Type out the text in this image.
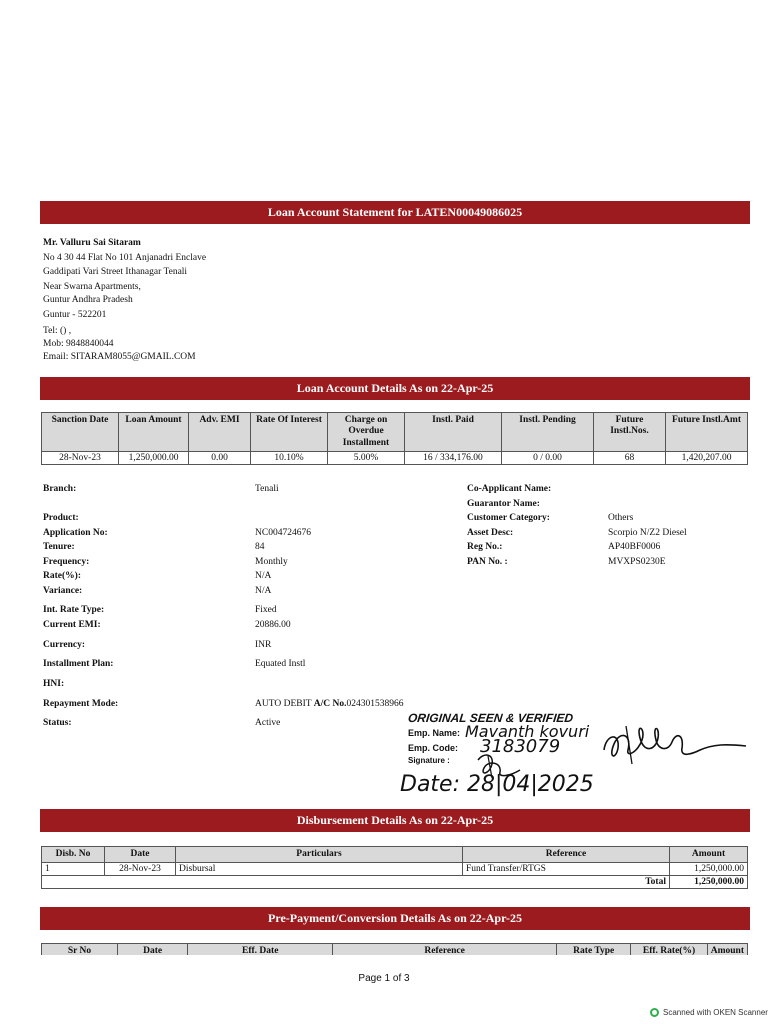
Loan Account Statement for LATEN00049086025
Mr. Valluru Sai Sitaram
No 4 30 44 Flat No 101 Anjanadri Enclave
Gaddipati Vari Street Ithanagar Tenali
Near Swarna Apartments,
Guntur Andhra Pradesh
Guntur - 522201
Tel: () ,
Mob: 9848840044
Email: SITARAM8055@GMAIL.COM
Loan Account Details As on 22-Apr-25
Sanction Date	Loan Amount	Adv. EMI	Rate Of Interest	Charge on Overdue Installment	Instl. Paid	Instl. Pending	Future Instl.Nos.	Future Instl.Amt
28-Nov-23	1,250,000.00	0.00	10.10%	5.00%	16 / 334,176.00	0 / 0.00	68	1,420,207.00
Branch:	Tenali
Product:
Application No:	NC004724676
Tenure:	84
Frequency:	Monthly
Rate(%):	N/A
Variance:	N/A
Int. Rate Type:	Fixed
Current EMI:	20886.00
Currency:	INR
Installment Plan:	Equated Instl
HNI:
Repayment Mode:	AUTO DEBIT A/C No.024301538966
Status:	Active
Co-Applicant Name:
Guarantor Name:
Customer Category:	Others
Asset Desc:	Scorpio N/Z2 Diesel
Reg No.:	AP40BF0006
PAN No. :	MVXPS0230E
ORIGINAL SEEN & VERIFIED
Emp. Name: Mavanth kovuri
Emp. Code: 3183079
Signature :
Date: 28|04|2025
Disbursement Details As on 22-Apr-25
Disb. No	Date	Particulars	Reference	Amount
1	28-Nov-23	Disbursal	Fund Transfer/RTGS	1,250,000.00
Total				1,250,000.00
Pre-Payment/Conversion Details As on 22-Apr-25
Sr No	Date	Eff. Date	Reference	Rate Type	Eff. Rate(%)	Amount
Page 1 of 3
Scanned with OKEN Scanner
